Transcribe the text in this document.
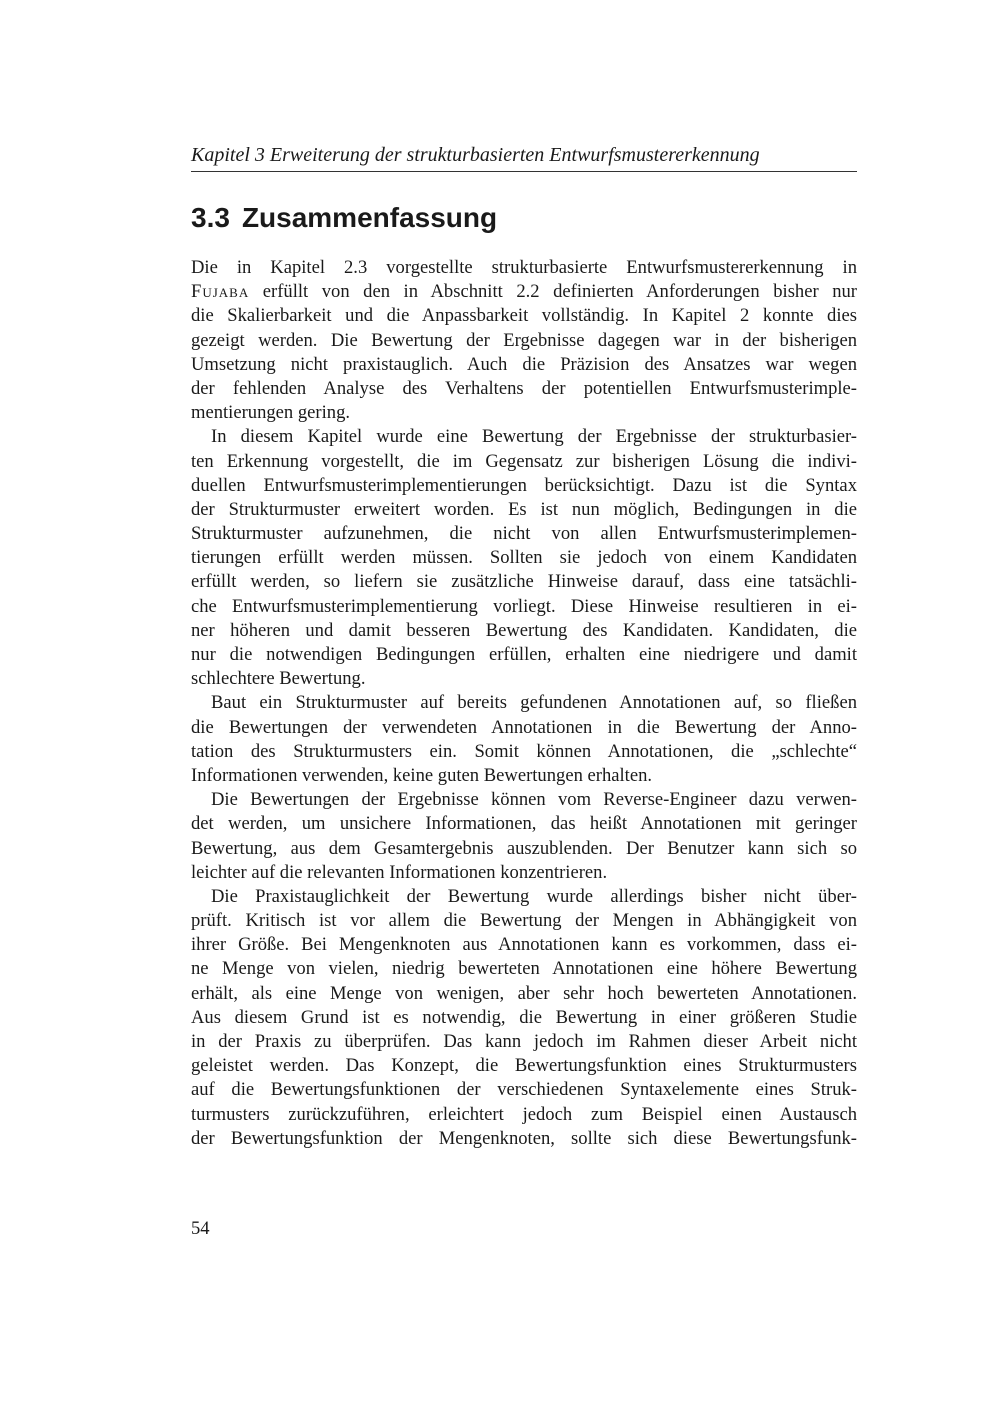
Kapitel 3 Erweiterung der strukturbasierten Entwurfsmustererkennung
3.3 Zusammenfassung
Die in Kapitel 2.3 vorgestellte strukturbasierte Entwurfsmustererkennung in
Fujaba erfüllt von den in Abschnitt 2.2 definierten Anforderungen bisher nur
die Skalierbarkeit und die Anpassbarkeit vollständig. In Kapitel 2 konnte dies
gezeigt werden. Die Bewertung der Ergebnisse dagegen war in der bisherigen
Umsetzung nicht praxistauglich. Auch die Präzision des Ansatzes war wegen
der fehlenden Analyse des Verhaltens der potentiellen Entwurfsmusterimple-
mentierungen gering.
In diesem Kapitel wurde eine Bewertung der Ergebnisse der strukturbasier-
ten Erkennung vorgestellt, die im Gegensatz zur bisherigen Lösung die indivi-
duellen Entwurfsmusterimplementierungen berücksichtigt. Dazu ist die Syntax
der Strukturmuster erweitert worden. Es ist nun möglich, Bedingungen in die
Strukturmuster aufzunehmen, die nicht von allen Entwurfsmusterimplemen-
tierungen erfüllt werden müssen. Sollten sie jedoch von einem Kandidaten
erfüllt werden, so liefern sie zusätzliche Hinweise darauf, dass eine tatsächli-
che Entwurfsmusterimplementierung vorliegt. Diese Hinweise resultieren in ei-
ner höheren und damit besseren Bewertung des Kandidaten. Kandidaten, die
nur die notwendigen Bedingungen erfüllen, erhalten eine niedrigere und damit
schlechtere Bewertung.
Baut ein Strukturmuster auf bereits gefundenen Annotationen auf, so fließen
die Bewertungen der verwendeten Annotationen in die Bewertung der Anno-
tation des Strukturmusters ein. Somit können Annotationen, die „schlechte“
Informationen verwenden, keine guten Bewertungen erhalten.
Die Bewertungen der Ergebnisse können vom Reverse-Engineer dazu verwen-
det werden, um unsichere Informationen, das heißt Annotationen mit geringer
Bewertung, aus dem Gesamtergebnis auszublenden. Der Benutzer kann sich so
leichter auf die relevanten Informationen konzentrieren.
Die Praxistauglichkeit der Bewertung wurde allerdings bisher nicht über-
prüft. Kritisch ist vor allem die Bewertung der Mengen in Abhängigkeit von
ihrer Größe. Bei Mengenknoten aus Annotationen kann es vorkommen, dass ei-
ne Menge von vielen, niedrig bewerteten Annotationen eine höhere Bewertung
erhält, als eine Menge von wenigen, aber sehr hoch bewerteten Annotationen.
Aus diesem Grund ist es notwendig, die Bewertung in einer größeren Studie
in der Praxis zu überprüfen. Das kann jedoch im Rahmen dieser Arbeit nicht
geleistet werden. Das Konzept, die Bewertungsfunktion eines Strukturmusters
auf die Bewertungsfunktionen der verschiedenen Syntaxelemente eines Struk-
turmusters zurückzuführen, erleichtert jedoch zum Beispiel einen Austausch
der Bewertungsfunktion der Mengenknoten, sollte sich diese Bewertungsfunk-
54
